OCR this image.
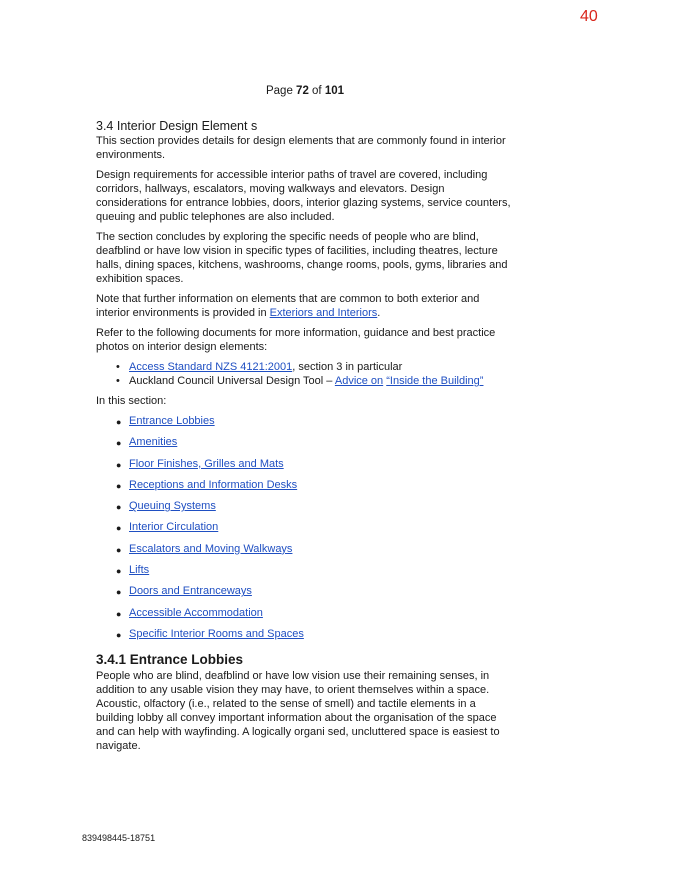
40
Page 72 of 101
3.4 Interior Design Element s

This section provides details for design elements that are commonly found in interior environments.

Design requirements for accessible interior paths of travel are covered, including corridors, hallways, escalators, moving walkways and elevators. Design considerations for entrance lobbies, doors, interior glazing systems, service counters, queuing and public telephones are also included.

The section concludes by exploring the specific needs of people who are blind, deafblind or have low vision in specific types of facilities, including theatres, lecture halls, dining spaces, kitchens, washrooms, change rooms, pools, gyms, libraries and exhibition spaces.

Note that further information on elements that are common to both exterior and interior environments is provided in Exteriors and Interiors.

Refer to the following documents for more information, guidance and best practice photos on interior design elements:

• Access Standard NZS 4121:2001, section 3 in particular
• Auckland Council Universal Design Tool – Advice on “Inside the Building”

In this section:

● Entrance Lobbies
● Amenities
● Floor Finishes, Grilles and Mats
● Receptions and Information Desks
● Queuing Systems
● Interior Circulation
● Escalators and Moving Walkways
● Lifts
● Doors and Entranceways
● Accessible Accommodation
● Specific Interior Rooms and Spaces
3.4.1 Entrance Lobbies

People who are blind, deafblind or have low vision use their remaining senses, in addition to any usable vision they may have, to orient themselves within a space. Acoustic, olfactory (i.e., related to the sense of smell) and tactile elements in a building lobby all convey important information about the organisation of the space and can help with wayfinding. A logically organi sed, uncluttered space is easiest to navigate.

839498445-18751
